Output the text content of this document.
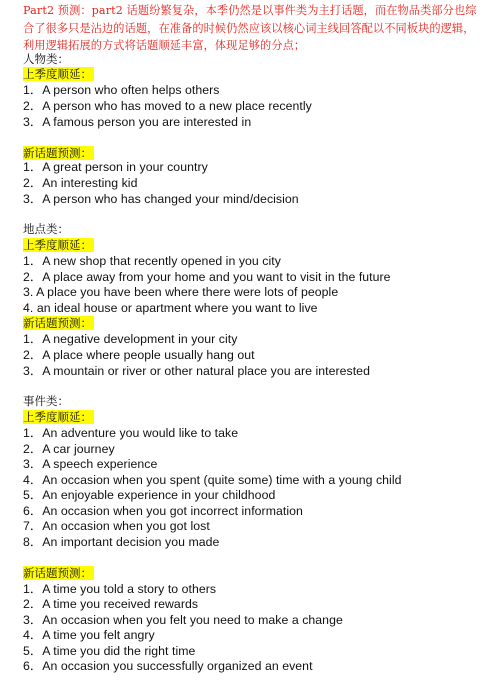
Part2 预测：part2 话题纷繁复杂，本季仍然是以事件类为主打话题，而在物品类部分也综合了很多只是沾边的话题，在准备的时候仍然应该以核心词主线回答配以不同板块的逻辑， 利用逻辑拓展的方式将话题顺延丰富，体现足够的分点；
人物类：
上季度顺延：
1．A person who often helps others
2．A person who has moved to a new place recently
3．A famous person you are interested in
新话题预测：
1．A great person in your country
2．An interesting kid
3．A person who has changed your mind/decision
地点类：
上季度顺延：
1．A new shop that recently opened in you city
2．A place away from your home and you want to visit in the future
3. A place you have been where there were lots of people
4. an ideal house or apartment where you want to live
新话题预测：
1．A negative development in your city
2．A place where people usually hang out
3．A mountain or river or other natural place you are interested
事件类：
上季度顺延：
1．An adventure you would like to take
2．A car journey
3．A speech experience
4．An occasion when you spent (quite some) time with a young child
5．An enjoyable experience in your childhood
6．An occasion when you got incorrect information
7．An occasion when you got lost
8．An important decision you made
新话题预测：
1．A time you told a story to others
2．A time you received rewards
3．An occasion when you felt you need to make a change
4．A time you felt angry
5．A time you did the right time
6．An occasion you successfully organized an event
